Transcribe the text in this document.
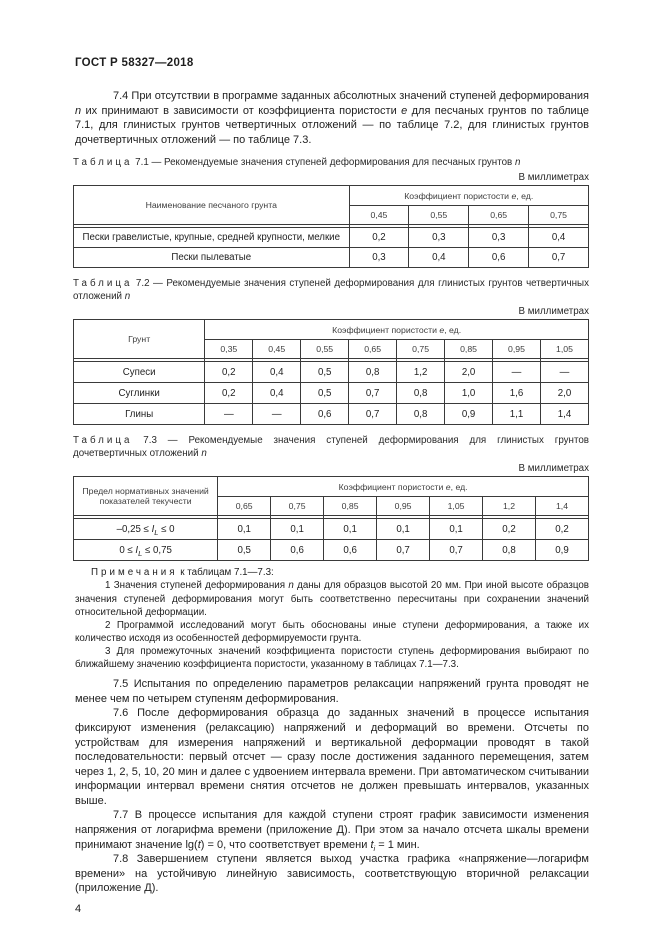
ГОСТ Р 58327—2018

7.4 При отсутствии в программе заданных абсолютных значений ступеней деформирования n их принимают в зависимости от коэффициента пористости е для песчаных грунтов по таблице 7.1, для глинистых грунтов четвертичных отложений — по таблице 7.2, для глинистых грунтов дочетвертичных отложений — по таблице 7.3.

Таблица 7.1 — Рекомендуемые значения ступеней деформирования для песчаных грунтов n

В миллиметрах

Наименование песчаного грунта	Коэффициент пористости е, ед.			
	0,45	0,55	0,65	0,75

Пески гравелистые, крупные, средней крупности, мелкие	0,2	0,3	0,3	0,4
Пески пылеватые	0,3	0,4	0,6	0,7

Таблица 7.2 — Рекомендуемые значения ступеней деформирования для глинистых грунтов четвертичных отложений n

В миллиметрах

Грунт	Коэффициент пористости е, ед.							
	0,35	0,45	0,55	0,65	0,75	0,85	0,95	1,05

Супеси	0,2	0,4	0,5	0,8	1,2	2,0	—	—
Суглинки	0,2	0,4	0,5	0,7	0,8	1,0	1,6	2,0
Глины	—	—	0,6	0,7	0,8	0,9	1,1	1,4

Таблица 7.3 — Рекомендуемые значения ступеней деформирования для глинистых грунтов дочетвертичных отложений n

В миллиметрах

Предел нормативных значений показателей текучести	Коэффициент пористости е, ед.						
	0,65	0,75	0,85	0,95	1,05	1,2	1,4

$-0,25 \le I_L \le 0$	0,1	0,1	0,1	0,1	0,1	0,2	0,2
$0 \le I_L \le 0,75$	0,5	0,6	0,6	0,7	0,7	0,8	0,9

Примечания к таблицам 7.1—7.3:

1 Значения ступеней деформирования n даны для образцов высотой 20 мм. При иной высоте образцов значения ступеней деформирования могут быть соответственно пересчитаны при сохранении значений относительной деформации.

2 Программой исследований могут быть обоснованы иные ступени деформирования, а также их количество исходя из особенностей деформируемости грунта.

3 Для промежуточных значений коэффициента пористости ступень деформирования выбирают по ближайшему значению коэффициента пористости, указанному в таблицах 7.1—7.3.

7.5 Испытания по определению параметров релаксации напряжений грунта проводят не менее чем по четырем ступеням деформирования.

7.6 После деформирования образца до заданных значений в процессе испытания фиксируют изменения (релаксацию) напряжений и деформаций во времени. Отсчеты по устройствам для измерения напряжений и вертикальной деформации проводят в такой последовательности: первый отсчет — сразу после достижения заданного перемещения, затем через 1, 2, 5, 10, 20 мин и далее с удвоением интервала времени. При автоматическом считывании информации интервал времени снятия отсчетов не должен превышать интервалов, указанных выше.

7.7 В процессе испытания для каждой ступени строят график зависимости изменения напряжения от логарифма времени (приложение Д). При этом за начало отсчета шкалы времени принимают значение lg(t) = 0, что соответствует времени $t_i = 1$ мин.

7.8 Завершением ступени является выход участка графика «напряжение—логарифм времени» на устойчивую линейную зависимость, соответствующую вторичной релаксации (приложение Д).

4
